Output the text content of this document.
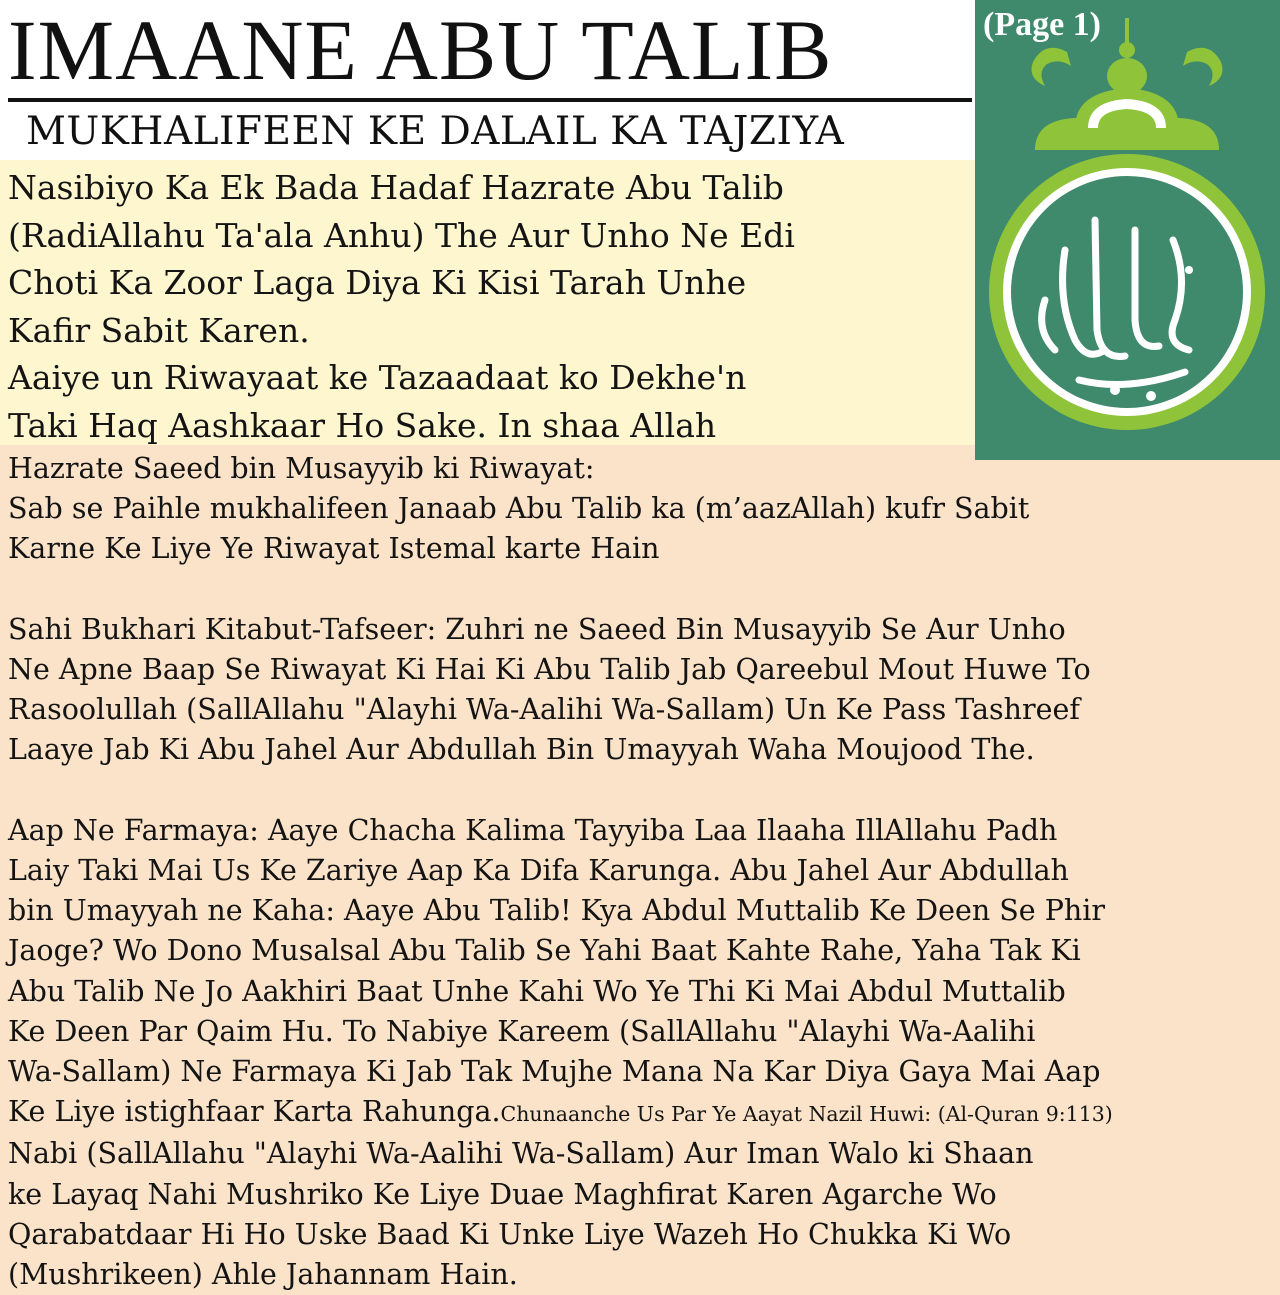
IMAANE ABU TALIB
MUKHALIFEEN KE DALAIL KA TAJZIYA

Nasibiyo Ka Ek Bada Hadaf Hazrate Abu Talib
(RadiAllahu Ta'ala Anhu) The Aur Unho Ne Edi
Choti Ka Zoor Laga Diya Ki Kisi Tarah Unhe
Kafir Sabit Karen.

Aaiye un Riwayaat ke Tazaadaat ko Dekhe'n
Taki Haq Aashkaar Ho Sake. In shaa Allah

(Page 1)

Hazrate Saeed bin Musayyib ki Riwayat:

Sab se Paihle mukhalifeen Janaab Abu Talib ka (m’aazAllah) kufr Sabit
Karne Ke Liye Ye Riwayat Istemal karte Hain

Sahi Bukhari Kitabut-Tafseer: Zuhri ne Saeed Bin Musayyib Se Aur Unho
Ne Apne Baap Se Riwayat Ki Hai Ki Abu Talib Jab Qareebul Mout Huwe To
Rasoolullah (SallAllahu "Alayhi Wa-Aalihi Wa-Sallam) Un Ke Pass Tashreef
Laaye Jab Ki Abu Jahel Aur Abdullah Bin Umayyah Waha Moujood The.

Aap Ne Farmaya: Aaye Chacha Kalima Tayyiba Laa Ilaaha IllAllahu Padh
Laiy Taki Mai Us Ke Zariye Aap Ka Difa Karunga. Abu Jahel Aur Abdullah
bin Umayyah ne Kaha: Aaye Abu Talib! Kya Abdul Muttalib Ke Deen Se Phir
Jaoge? Wo Dono Musalsal Abu Talib Se Yahi Baat Kahte Rahe, Yaha Tak Ki
Abu Talib Ne Jo Aakhiri Baat Unhe Kahi Wo Ye Thi Ki Mai Abdul Muttalib
Ke Deen Par Qaim Hu. To Nabiye Kareem (SallAllahu "Alayhi Wa-Aalihi
Wa-Sallam) Ne Farmaya Ki Jab Tak Mujhe Mana Na Kar Diya Gaya Mai Aap
Ke Liye istighfaar Karta Rahunga.Chunaanche Us Par Ye Aayat Nazil Huwi: (Al-Quran 9:113)
Nabi (SallAllahu "Alayhi Wa-Aalihi Wa-Sallam) Aur Iman Walo ki Shaan
ke Layaq Nahi Mushriko Ke Liye Duae Maghfirat Karen Agarche Wo
Qarabatdaar Hi Ho Uske Baad Ki Unke Liye Wazeh Ho Chukka Ki Wo
(Mushrikeen) Ahle Jahannam Hain.
